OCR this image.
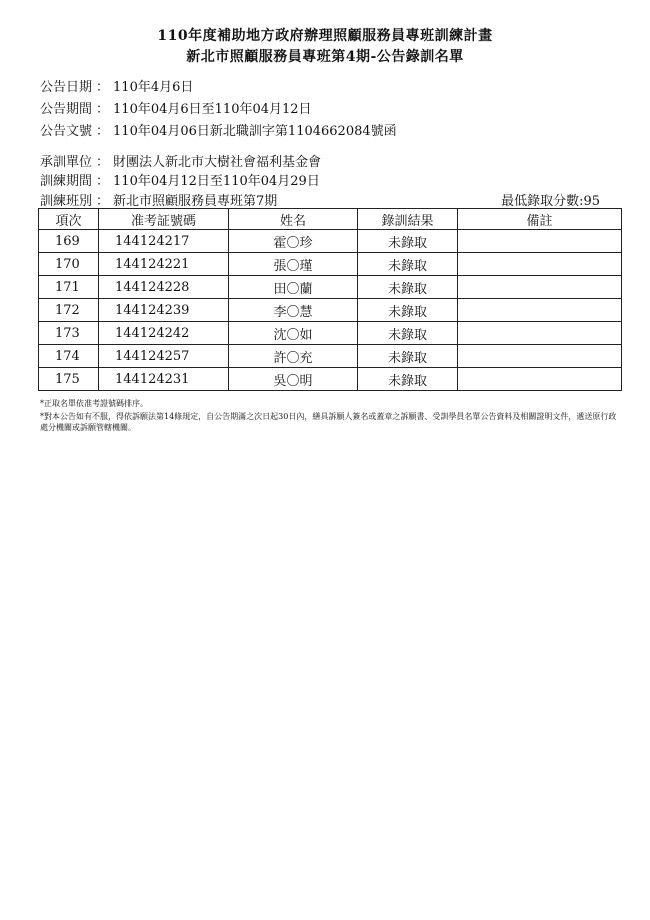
110年度補助地方政府辦理照顧服務員專班訓練計畫
新北市照顧服務員專班第4期-公告錄訓名單
公告日期 ： 110年4月6日
公告期間 ： 110年04月6日至110年04月12日
公告文號 ： 110年04月06日新北職訓字第1104662084號函
承訓單位 ： 財團法人新北市大樹社會福利基金會
訓練期間 ： 110年04月12日至110年04月29日
訓練班別 ： 新北市照顧服務員專班第7期	最低錄取分數:95
項次	准考証號碼	姓名	錄訓結果	備註
169	144124217	霍〇珍	未錄取	
170	144124221	張〇瑾	未錄取	
171	144124228	田〇蘭	未錄取	
172	144124239	李〇慧	未錄取	
173	144124242	沈〇如	未錄取	
174	144124257	許〇充	未錄取	
175	144124231	吳〇明	未錄取	
*正取名單依准考證號碼排序。
*對本公告如有不服，得依訴願法第14條規定，自公告期滿之次日起30日內，繕具訴願人簽名或蓋章之訴願書、受訓學員名單公告資料及相關證明文件，遞送原行政處分機關或訴願管轄機關。
